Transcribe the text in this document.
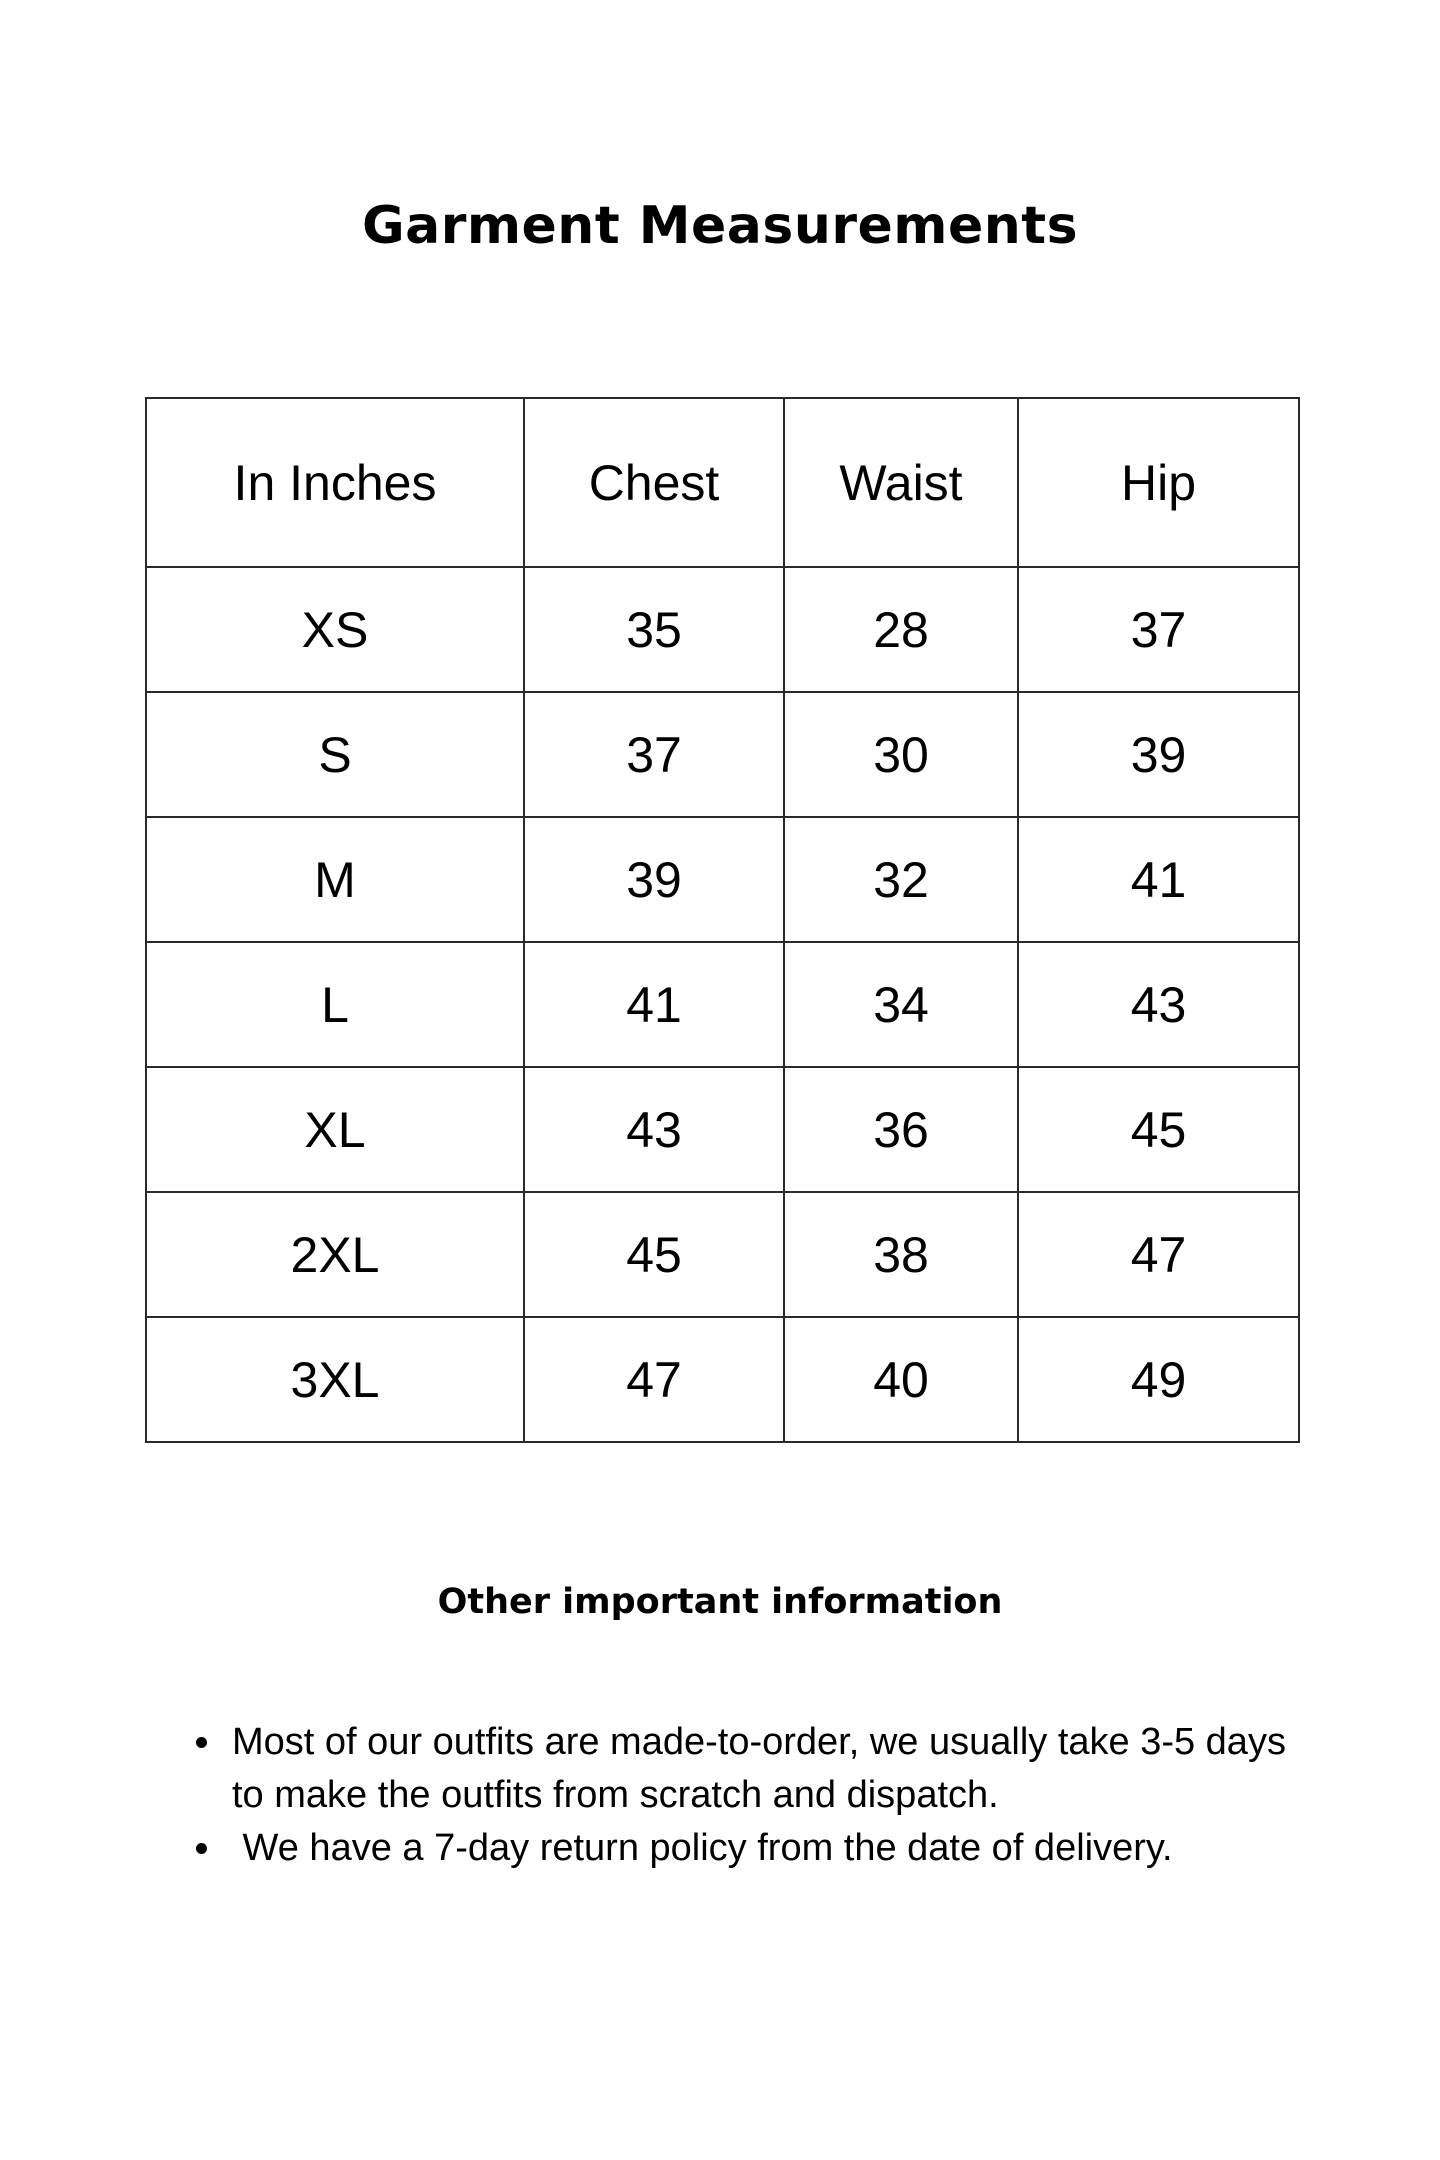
Garment Measurements
In Inches	Chest	Waist	Hip
XS	35	28	37
S	37	30	39
M	39	32	41
L	41	34	43
XL	43	36	45
2XL	45	38	47
3XL	47	40	49
Other important information
Most of our outfits are made-to-order, we usually take 3-5 days to make the outfits from scratch and dispatch.
We have a 7-day return policy from the date of delivery.
